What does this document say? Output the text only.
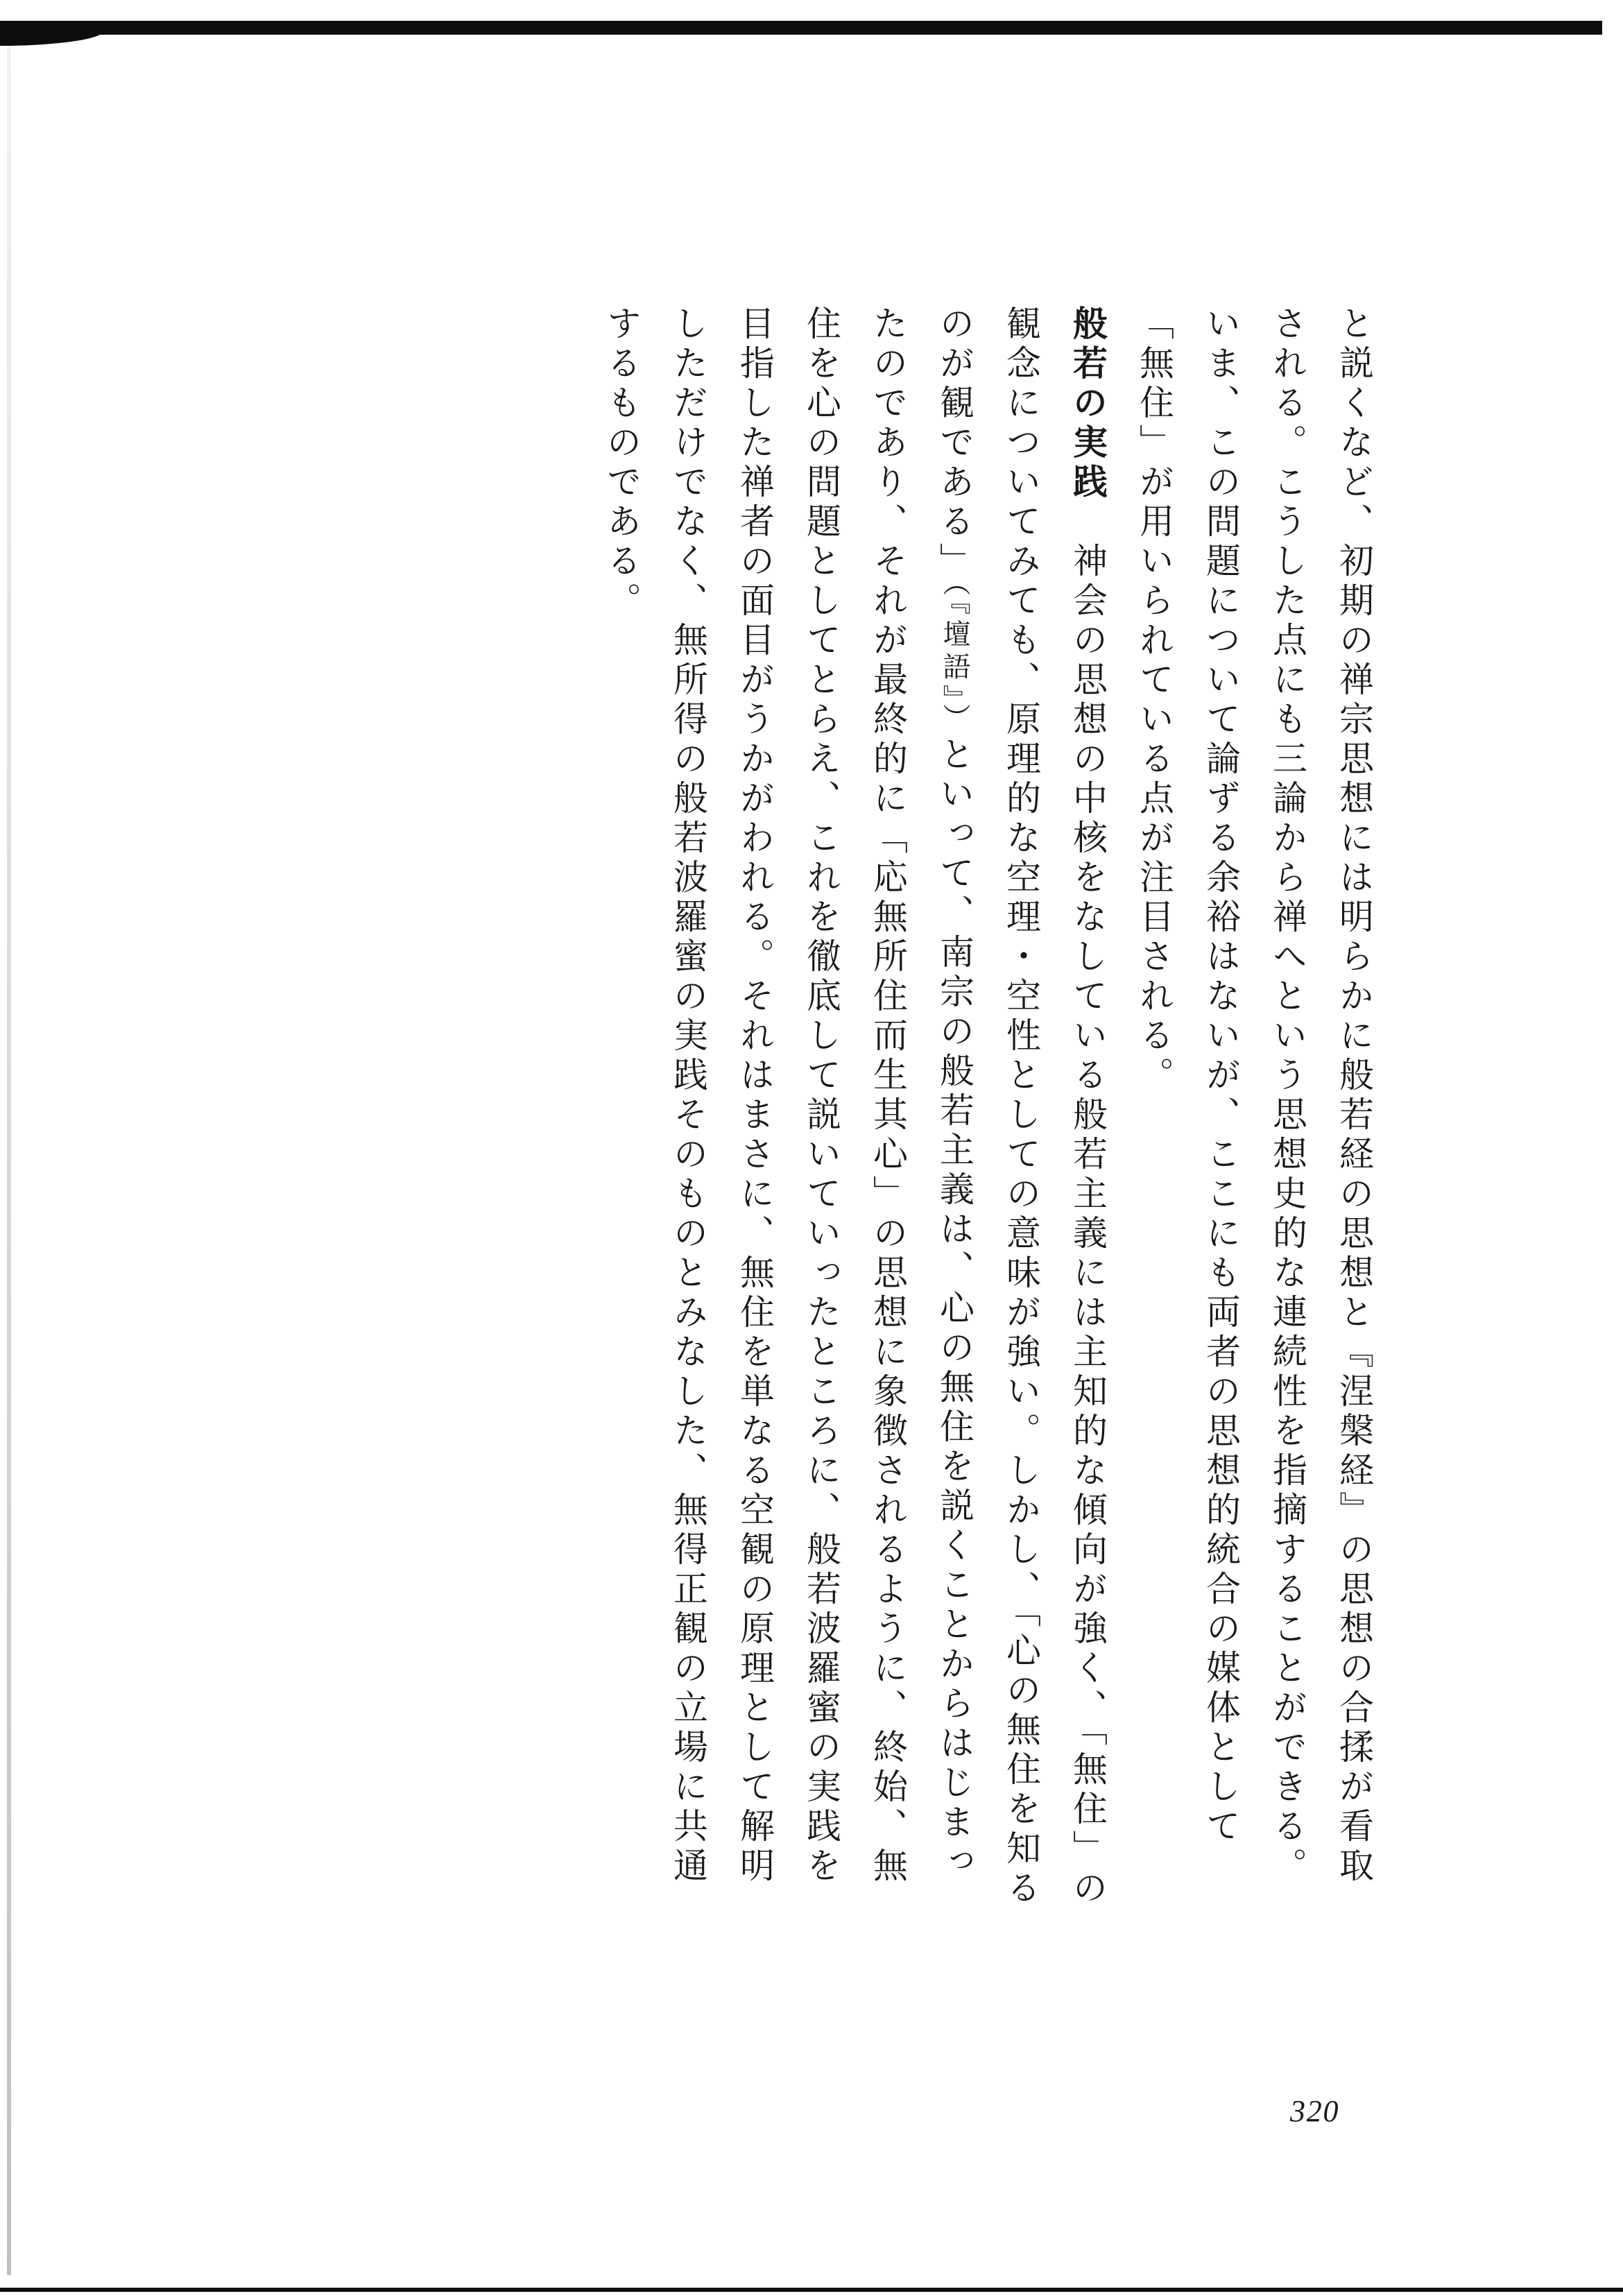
と説くなど、初期の禅宗思想には明らかに般若経の思想と『涅槃経』の思想の合揉が看取される。こうした点にも三論から禅へという思想史的な連続性を指摘することができる。いま、この問題について論ずる余裕はないが、ここにも両者の思想的統合の媒体として「無住」が用いられている点が注目される。

般若の実践　神会の思想の中核をなしている般若主義には主知的な傾向が強く、「無住」の観念についてみても、原理的な空理・空性としての意味が強い。しかし、「心の無住を知るのが観である」（『壇語』）といって、南宗の般若主義は、心の無住を説くことからはじまったのであり、それが最終的に「応無所住而生其心」の思想に象徴されるように、終始、無住を心の問題としてとらえ、これを徹底して説いていったところに、般若波羅蜜の実践を目指した禅者の面目がうかがわれる。それはまさに、無住を単なる空観の原理として解明しただけでなく、無所得の般若波羅蜜の実践そのものとみなした、無得正観の立場に共通するものである。

320
